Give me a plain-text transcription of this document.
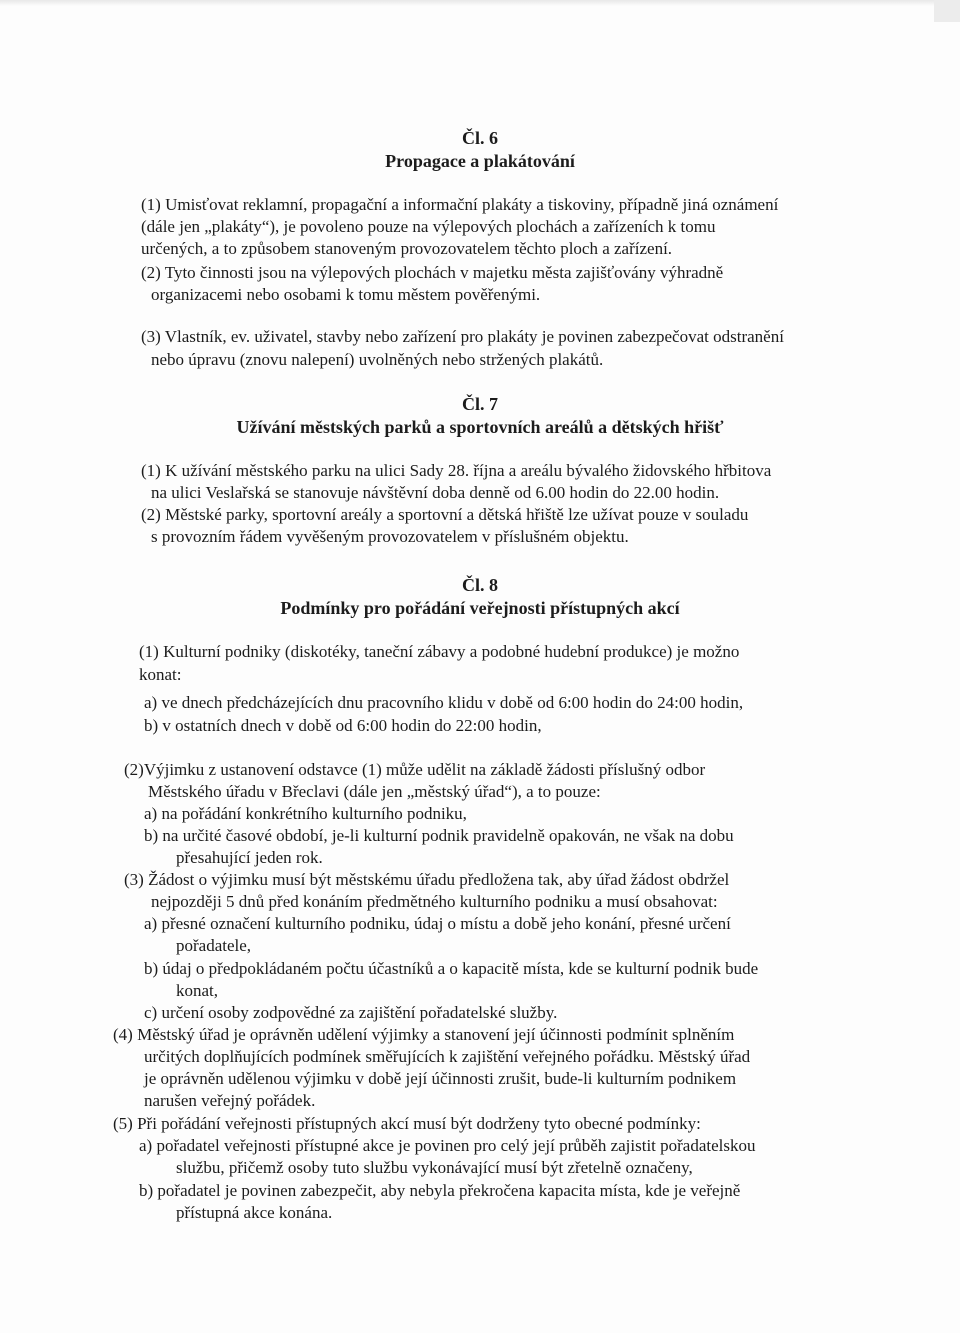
Čl. 6

Propagace a plakátování

(1) Umisťovat reklamní, propagační a informační plakáty a tiskoviny, případně jiná oznámení

(dále jen „plakáty“), je povoleno pouze na výlepových plochách a zařízeních k tomu

určených, a to způsobem stanoveným provozovatelem těchto ploch a zařízení.

(2) Tyto činnosti jsou na výlepových plochách v majetku města zajišťovány výhradně

organizacemi nebo osobami k tomu městem pověřenými.

(3) Vlastník, ev. uživatel, stavby nebo zařízení pro plakáty je povinen zabezpečovat odstranění

nebo úpravu (znovu nalepení) uvolněných nebo stržených plakátů.

Čl. 7

Užívání městských parků a sportovních areálů a dětských hřišť

(1) K užívání městského parku na ulici Sady 28. října a areálu bývalého židovského hřbitova

na ulici Veslařská se stanovuje návštěvní doba denně od 6.00 hodin do 22.00 hodin.

(2) Městské parky, sportovní areály a sportovní a dětská hřiště lze užívat pouze v souladu

s provozním řádem vyvěšeným provozovatelem v příslušném objektu.

Čl. 8

Podmínky pro pořádání veřejnosti přístupných akcí

(1) Kulturní podniky (diskotéky, taneční zábavy a podobné hudební produkce) je možno

konat:

a) ve dnech předcházejících dnu pracovního klidu v době od 6:00 hodin do 24:00 hodin,

b) v ostatních dnech v době od 6:00 hodin do 22:00 hodin,

(2)Výjimku z ustanovení odstavce (1) může udělit na základě žádosti příslušný odbor

Městského úřadu v Břeclavi (dále jen „městský úřad“), a to pouze:

a) na pořádání konkrétního kulturního podniku,

b) na určité časové období, je-li kulturní podnik pravidelně opakován, ne však na dobu

přesahující jeden rok.

(3) Žádost o výjimku musí být městskému úřadu předložena tak, aby úřad žádost obdržel

nejpozději 5 dnů před konáním předmětného kulturního podniku a musí obsahovat:

a) přesné označení kulturního podniku, údaj o místu a době jeho konání, přesné určení

pořadatele,

b) údaj o předpokládaném počtu účastníků a o kapacitě místa, kde se kulturní podnik bude

konat,

c) určení osoby zodpovědné za zajištění pořadatelské služby.

(4) Městský úřad je oprávněn udělení výjimky a stanovení její účinnosti podmínit splněním

určitých doplňujících podmínek směřujících k zajištění veřejného pořádku. Městský úřad

je oprávněn udělenou výjimku v době její účinnosti zrušit, bude-li kulturním podnikem

narušen veřejný pořádek.

(5) Při pořádání veřejnosti přístupných akcí musí být dodrženy tyto obecné podmínky:

a) pořadatel veřejnosti přístupné akce je povinen pro celý její průběh zajistit pořadatelskou

službu, přičemž osoby tuto službu vykonávající musí být zřetelně označeny,

b) pořadatel je povinen zabezpečit, aby nebyla překročena kapacita místa, kde je veřejně

přístupná akce konána.
